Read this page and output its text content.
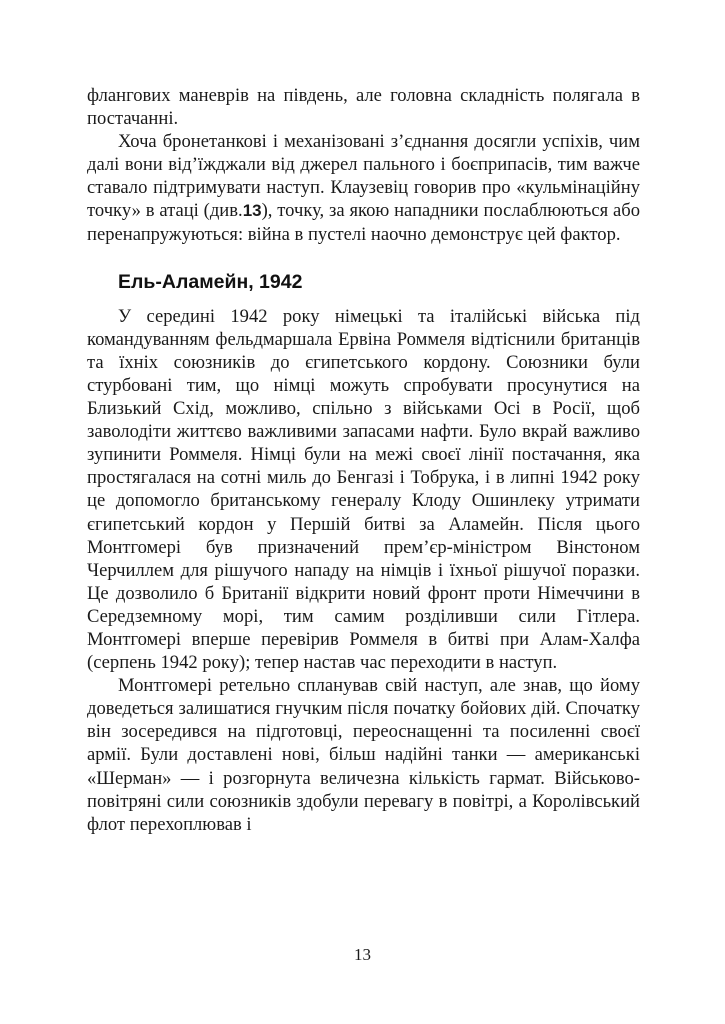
флангових маневрів на південь, але головна складність полягала в постачанні.

Хоча бронетанкові і механізовані з’єднання досягли успіхів, чим далі вони від’їжджали від джерел пального і боєприпасів, тим важче ставало підтримувати наступ. Клаузевіц говорив про «кульмінаційну точку» в атаці (див.13), точку, за якою нападники послаблюються або перенапружуються: війна в пустелі наочно демонструє цей фактор.

Ель-Аламейн, 1942

У середині 1942 року німецькі та італійські війська під командуванням фельдмаршала Ервіна Роммеля відтіснили британців та їхніх союзників до єгипетського кордону. Союзники були стурбовані тим, що німці можуть спробувати просунутися на Близький Схід, можливо, спільно з військами Осі в Росії, щоб заволодіти життєво важливими запасами нафти. Було вкрай важливо зупинити Роммеля. Німці були на межі своєї лінії постачання, яка простягалася на сотні миль до Бенгазі і Тобрука, і в липні 1942 року це допомогло британському генералу Клоду Ошинлеку утримати єгипетський кордон у Першій битві за Аламейн. Після цього Монтгомері був призначений прем’єр-міністром Вінстоном Черчиллем для рішучого нападу на німців і їхньої рішучої поразки. Це дозволило б Британії відкрити новий фронт проти Німеччини в Середземному морі, тим самим розділивши сили Гітлера. Монтгомері вперше перевірив Роммеля в битві при Алам-Халфа (серпень 1942 року); тепер настав час переходити в наступ.

Монтгомері ретельно спланував свій наступ, але знав, що йому доведеться залишатися гнучким після початку бойових дій. Спочатку він зосередився на підготовці, переоснащенні та посиленні своєї армії. Були доставлені нові, більш надійні танки — американські «Шерман» — і розгорнута величезна кількість гармат. Військово-повітряні сили союзників здобули перевагу в повітрі, а Королівський флот перехоплював і

13
